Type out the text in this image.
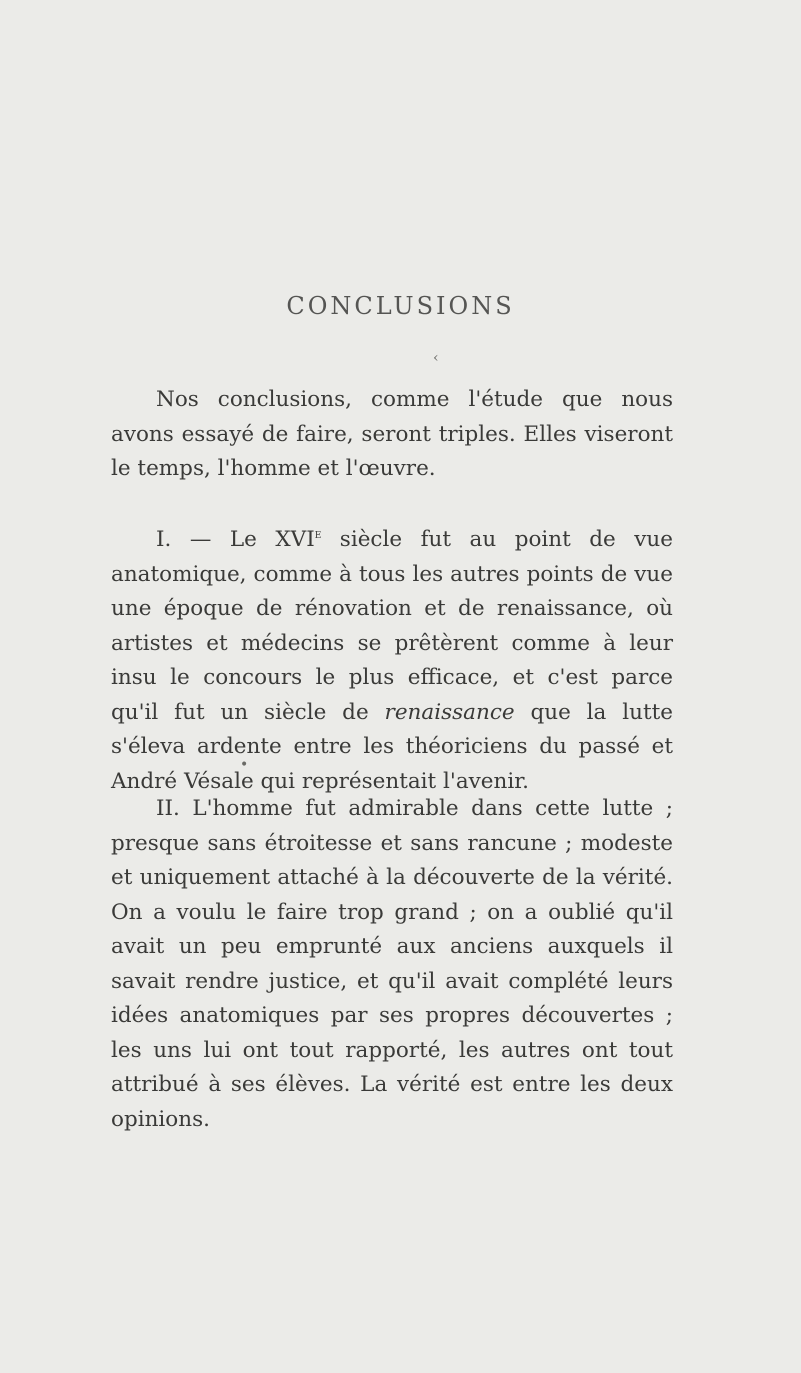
CONCLUSIONS
‹

Nos conclusions, comme l'étude que nous avons essayé de faire, seront triples. Elles viseront le temps, l'homme et l'œuvre.

I. — Le XVIe siècle fut au point de vue anatomique, comme à tous les autres points de vue une époque de rénovation et de renaissance, où artistes et médecins se prêtèrent comme à leur insu le concours le plus efficace, et c'est parce qu'il fut un siècle de renaissance que la lutte s'éleva ardente entre les théoriciens du passé et André Vésale qui représentait l'avenir.

•

II. L'homme fut admirable dans cette lutte ; presque sans étroitesse et sans rancune ; modeste et uniquement attaché à la découverte de la vérité. On a voulu le faire trop grand ; on a oublié qu'il avait un peu emprunté aux anciens auxquels il savait rendre justice, et qu'il avait complété leurs idées anatomiques par ses propres découvertes ; les uns lui ont tout rapporté, les autres ont tout attribué à ses élèves. La vérité est entre les deux opinions.
